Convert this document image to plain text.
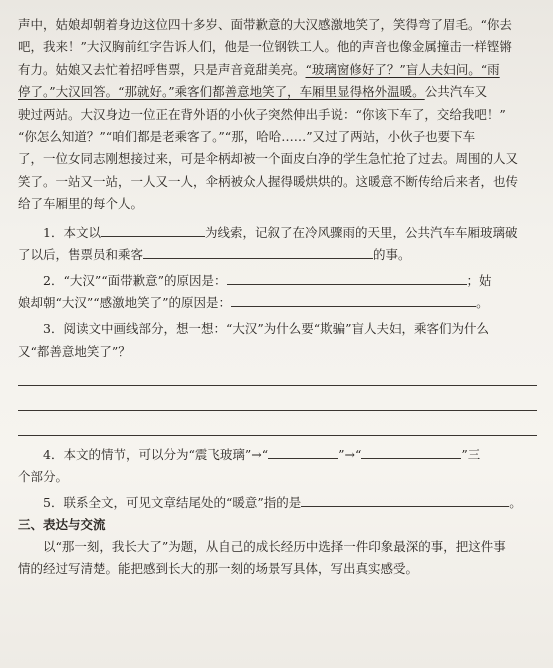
声中，姑娘却朝着身边这位四十多岁、面带歉意的大汉感激地笑了，笑得弯了眉毛。“你去

吧，我来！”大汉胸前红字告诉人们，他是一位钢铁工人。他的声音也像金属撞击一样铿锵

有力。姑娘又去忙着招呼售票，只是声音竟甜美亮。“玻璃窗修好了？”盲人夫妇问。“雨

停了。”大汉回答。“那就好。”乘客们都善意地笑了，车厢里显得格外温暖。公共汽车又

驶过两站。大汉身边一位正在背外语的小伙子突然伸出手说：“你该下车了，交给我吧！”

“你怎么知道？”“咱们都是老乘客了。”“那，哈哈……”又过了两站，小伙子也要下车

了，一位女同志刚想接过来，可是伞柄却被一个面皮白净的学生急忙抢了过去。周围的人又

笑了。一站又一站，一人又一人，伞柄被众人握得暖烘烘的。这暖意不断传给后来者，也传

给了车厢里的每个人。

1．本文以	为线索，记叙了在冷风骤雨的天里，公共汽车车厢玻璃破

了以后，售票员和乘客	的事。

2．“大汉”“面带歉意”的原因是：	；姑

娘却朝“大汉”“感激地笑了”的原因是：	。

3．阅读文中画线部分，想一想：“大汉”为什么要“欺骗”盲人夫妇，乘客们为什么

又“都善意地笑了”？

4．本文的情节，可以分为“震飞玻璃”→“	”→“	”三

个部分。

5．联系全文，可见文章结尾处的“暖意”指的是	。

三、表达与交流

以“那一刻，我长大了”为题，从自己的成长经历中选择一件印象最深的事，把这件事

情的经过写清楚。能把感到长大的那一刻的场景写具体，写出真实感受。
